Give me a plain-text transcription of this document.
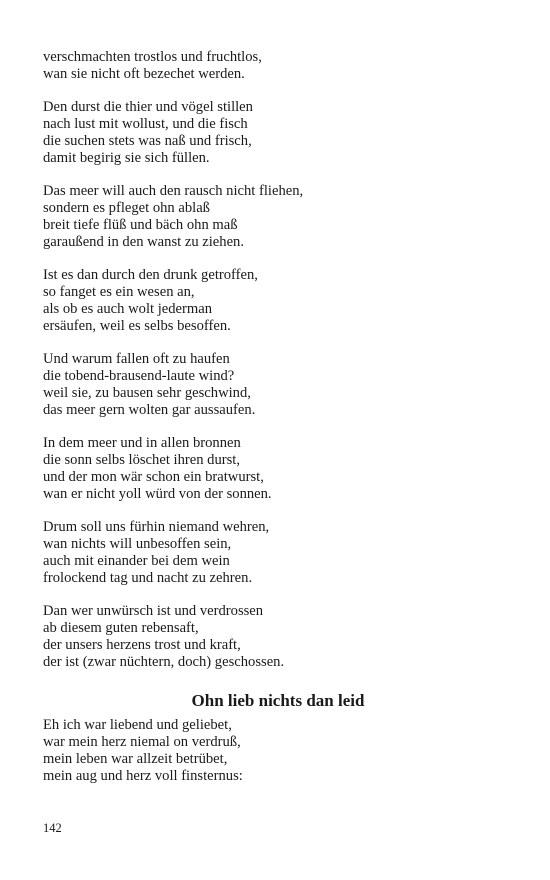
verschmachten trostlos und fruchtlos,
wan sie nicht oft bezechet werden.
Den durst die thier und vögel stillen
nach lust mit wollust, und die fisch
die suchen stets was naß und frisch,
damit begirig sie sich füllen.
Das meer will auch den rausch nicht fliehen,
sondern es pfleget ohn ablaß
breit tiefe flüß und bäch ohn maß
garaußend in den wanst zu ziehen.
Ist es dan durch den drunk getroffen,
so fanget es ein wesen an,
als ob es auch wolt jederman
ersäufen, weil es selbs besoffen.
Und warum fallen oft zu haufen
die tobend-brausend-laute wind?
weil sie, zu bausen sehr geschwind,
das meer gern wolten gar aussaufen.
In dem meer und in allen bronnen
die sonn selbs löschet ihren durst,
und der mon wär schon ein bratwurst,
wan er nicht yoll würd von der sonnen.
Drum soll uns fürhin niemand wehren,
wan nichts will unbesoffen sein,
auch mit einander bei dem wein
frolockend tag und nacht zu zehren.
Dan wer unwürsch ist und verdrossen
ab diesem guten rebensaft,
der unsers herzens trost und kraft,
der ist (zwar nüchtern, doch) geschossen.
Ohn lieb nichts dan leid
Eh ich war liebend und geliebet,
war mein herz niemal on verdruß,
mein leben war allzeit betrübet,
mein aug und herz voll finsternus:
142
